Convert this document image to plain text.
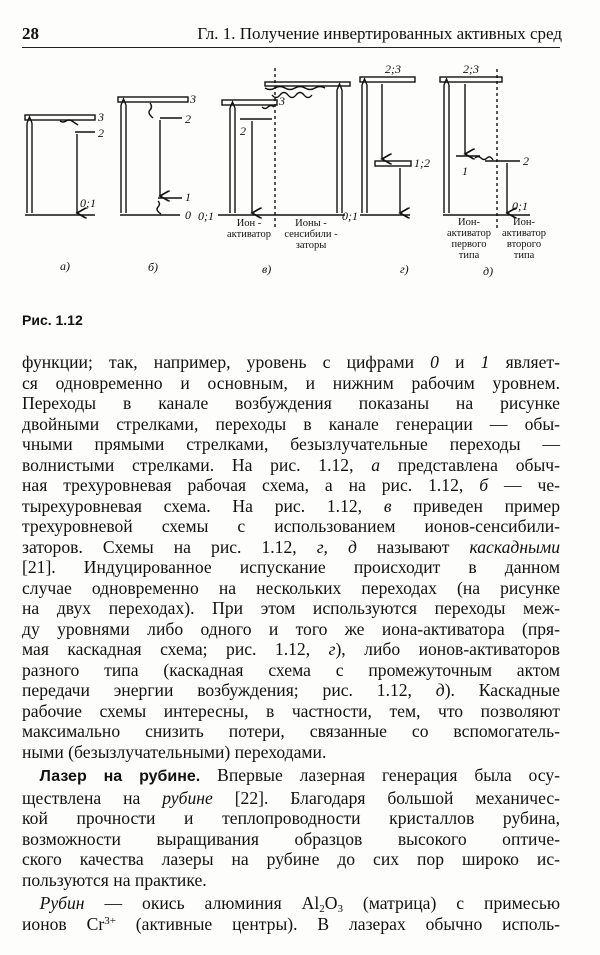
28	Гл. 1. Получение инвертированных активных сред
3
2
0;1
3
2
1
0
3
2
0;1
2;3
1;2
0;1
2;3
1
2
0;1
Ион -
активатор
Ионы -
сенсибили -
заторы
Ион-
активатор
первого
типа
Ион-
активатор
второго
типа
а)	б)	в)	г)	д)
Рис. 1.12
функции; так, например, уровень с цифрами 0 и 1 являет-
ся одновременно и основным, и нижним рабочим уровнем.
Переходы в канале возбуждения показаны на рисунке
двойными стрелками, переходы в канале генерации — обы-
чными прямыми стрелками, безызлучательные переходы —
волнистыми стрелками. На рис. 1.12, а представлена обыч-
ная трехуровневая рабочая схема, а на рис. 1.12, б — че-
тырехуровневая схема. На рис. 1.12, в приведен пример
трехуровневой схемы с использованием ионов-сенсибили-
заторов. Схемы на рис. 1.12, г, д называют каскадными
[21]. Индуцированное испускание происходит в данном
случае одновременно на нескольких переходах (на рисунке
на двух переходах). При этом используются переходы меж-
ду уровнями либо одного и того же иона-активатора (пря-
мая каскадная схема; рис. 1.12, г), либо ионов-активаторов
разного типа (каскадная схема с промежуточным актом
передачи энергии возбуждения; рис. 1.12, д). Каскадные
рабочие схемы интересны, в частности, тем, что позволяют
максимально снизить потери, связанные со вспомогатель-
ными (безызлучательными) переходами.
 Лазер на рубине. Впервые лазерная генерация была осу-
ществлена на рубине [22]. Благодаря большой механичес-
кой прочности и теплопроводности кристаллов рубина,
возможности выращивания образцов высокого оптиче-
ского качества лазеры на рубине до сих пор широко ис-
пользуются на практике.
 Рубин — окись алюминия $Al_2O_3$ (матрица) с примесью
ионов $Cr^{3+}$ (активные центры). В лазерах обычно исполь-
